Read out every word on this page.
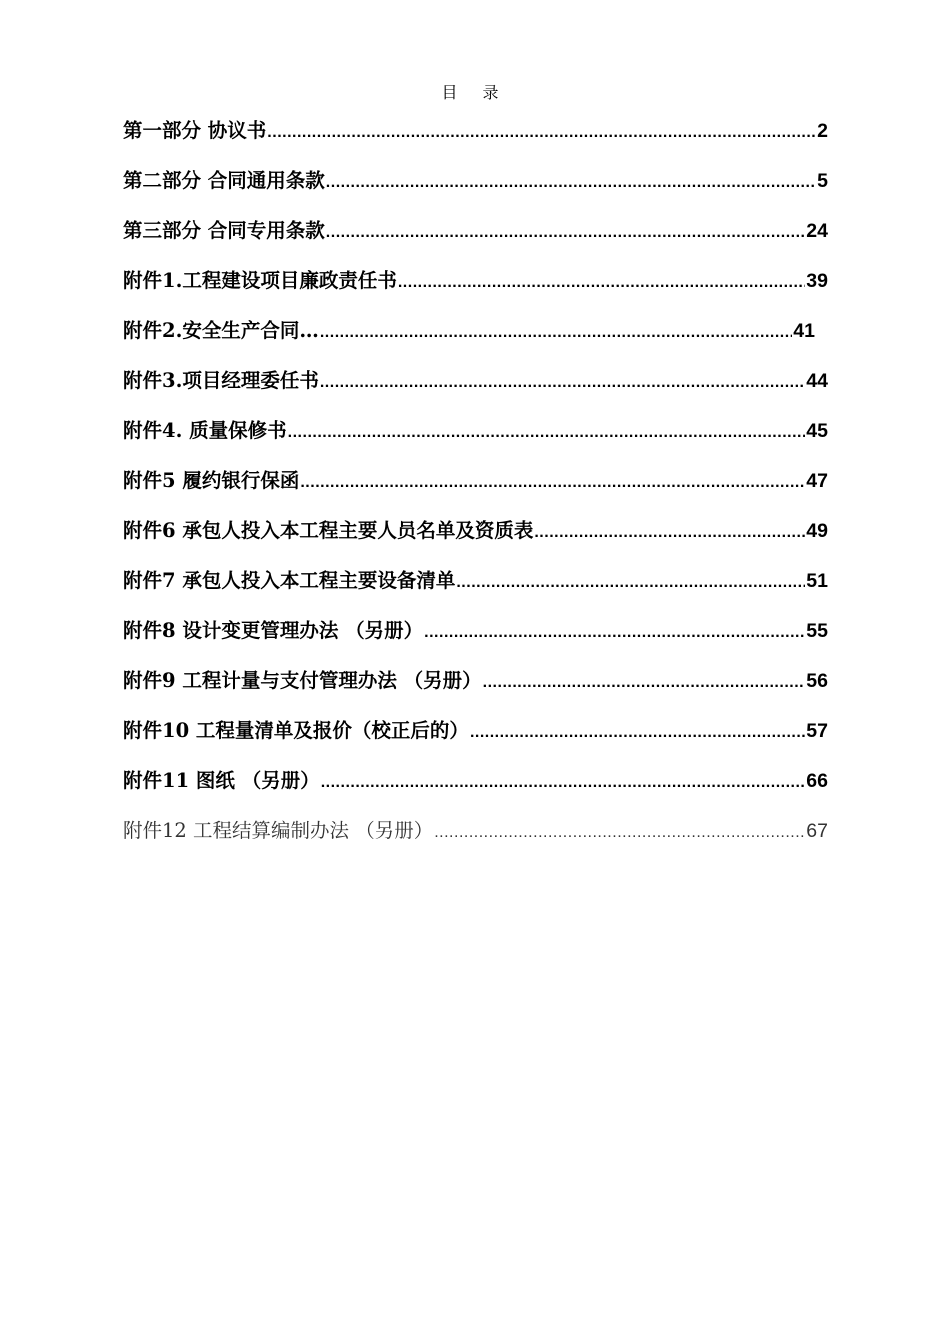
目 录
第一部分 协议书 .....	2
第二部分 合同通用条款 .....	5
第三部分 合同专用条款 .....	24
附件1.工程建设项目廉政责任书 .....	39
附件2.安全生产合同… .....	41
附件3.项目经理委任书 .....	44
附件4. 质量保修书 .....	45
附件5 履约银行保函 .....	47
附件6 承包人投入本工程主要人员名单及资质表 .....	49
附件7 承包人投入本工程主要设备清单 .....	51
附件8 设计变更管理办法 （另册） .....	55
附件9 工程计量与支付管理办法 （另册） .....	56
附件10 工程量清单及报价（校正后的） .....	57
附件11 图纸 （另册） .....	66
附件12 工程结算编制办法 （另册） .....	67
